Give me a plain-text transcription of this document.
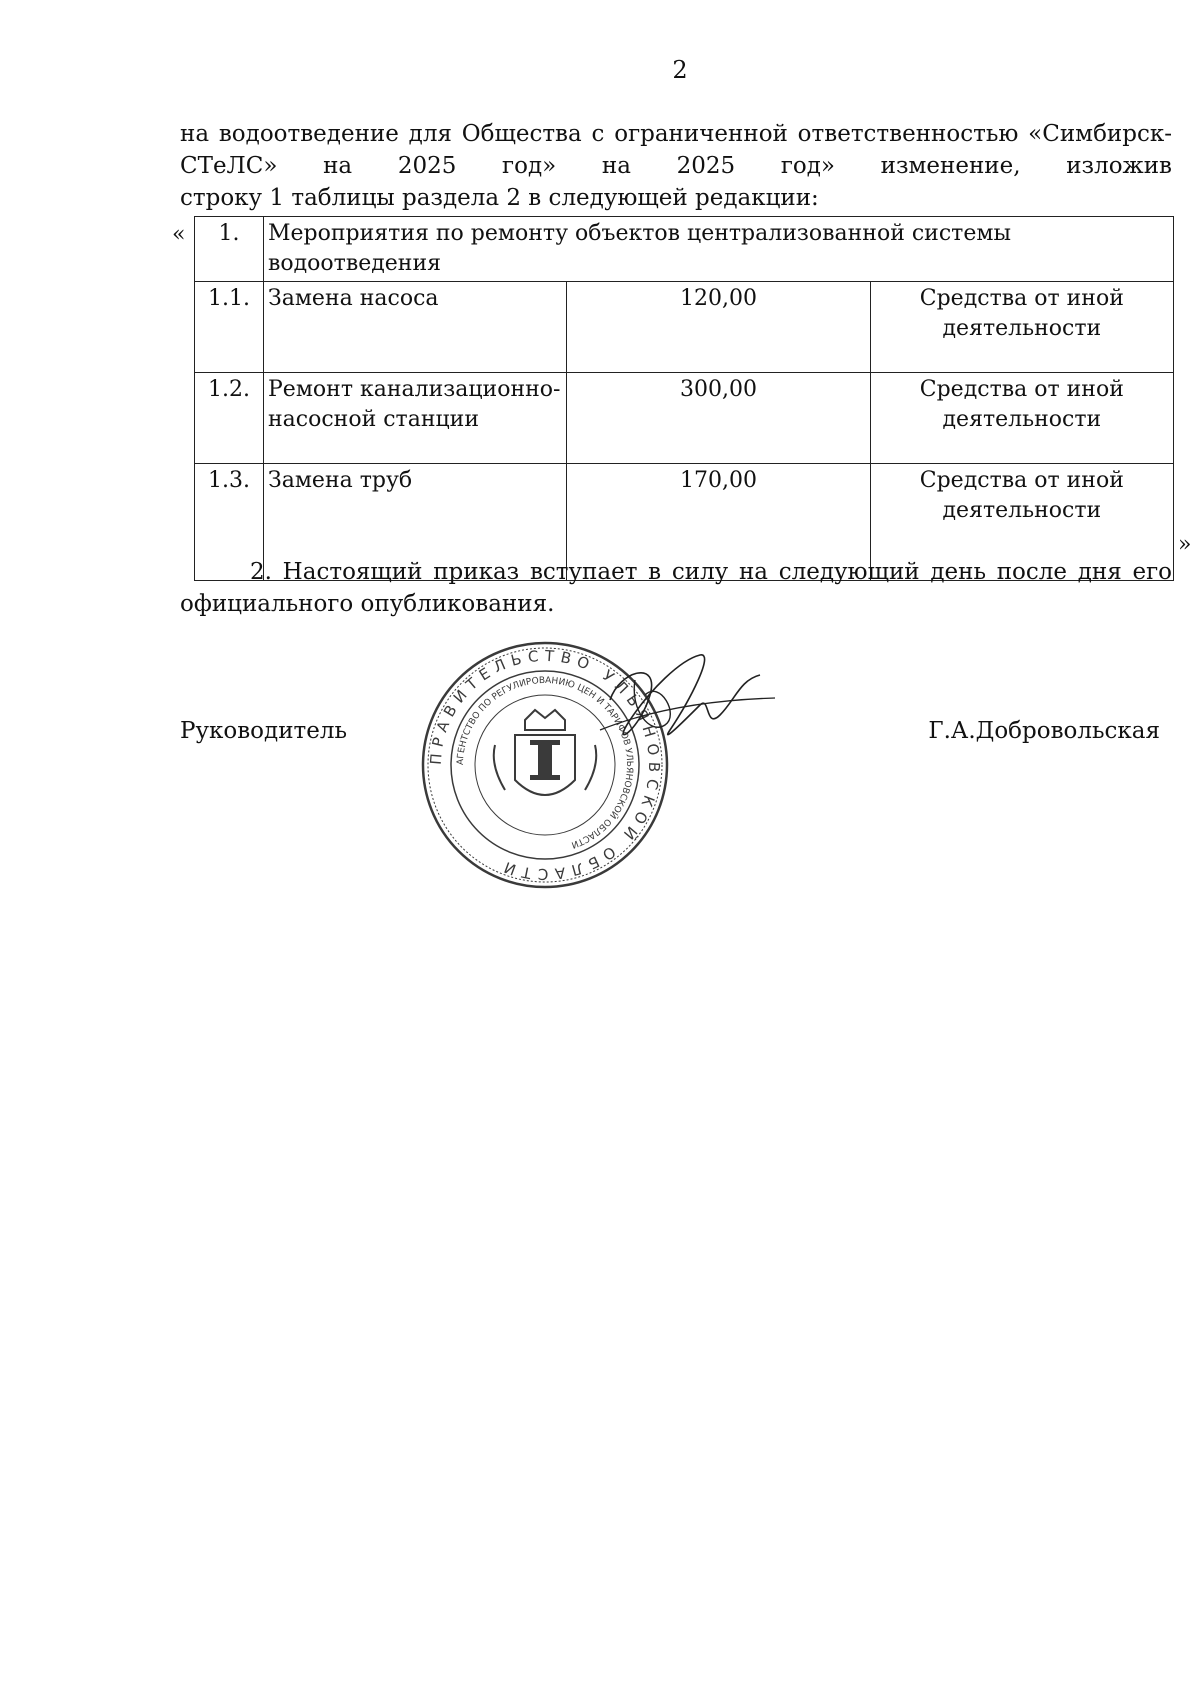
2
на водоотведение для Общества с ограниченной ответственностью «Симбирск-
СТеЛС» на 2025 год» на 2025 год» изменение, изложив
строку 1 таблицы раздела 2 в следующей редакции:
« 1.	Мероприятия по ремонту объектов централизованной системы водоотведения		
1.1.	Замена насоса	120,00	Средства от иной деятельности
1.2.	Ремонт канализационно-насосной станции	300,00	Средства от иной деятельности
1.3.	Замена труб	170,00	Средства от иной деятельности
»
2. Настоящий приказ вступает в силу на следующий день после дня его официального опубликования.
Руководитель	Г.А.Добровольская
ПРАВИТЕЛЬСТВО УЛЬЯНОВСКОЙ ОБЛАСТИ
АГЕНТСТВО ПО РЕГУЛИРОВАНИЮ ЦЕН И ТАРИФОВ УЛЬЯНОВСКОЙ ОБЛАСТИ
